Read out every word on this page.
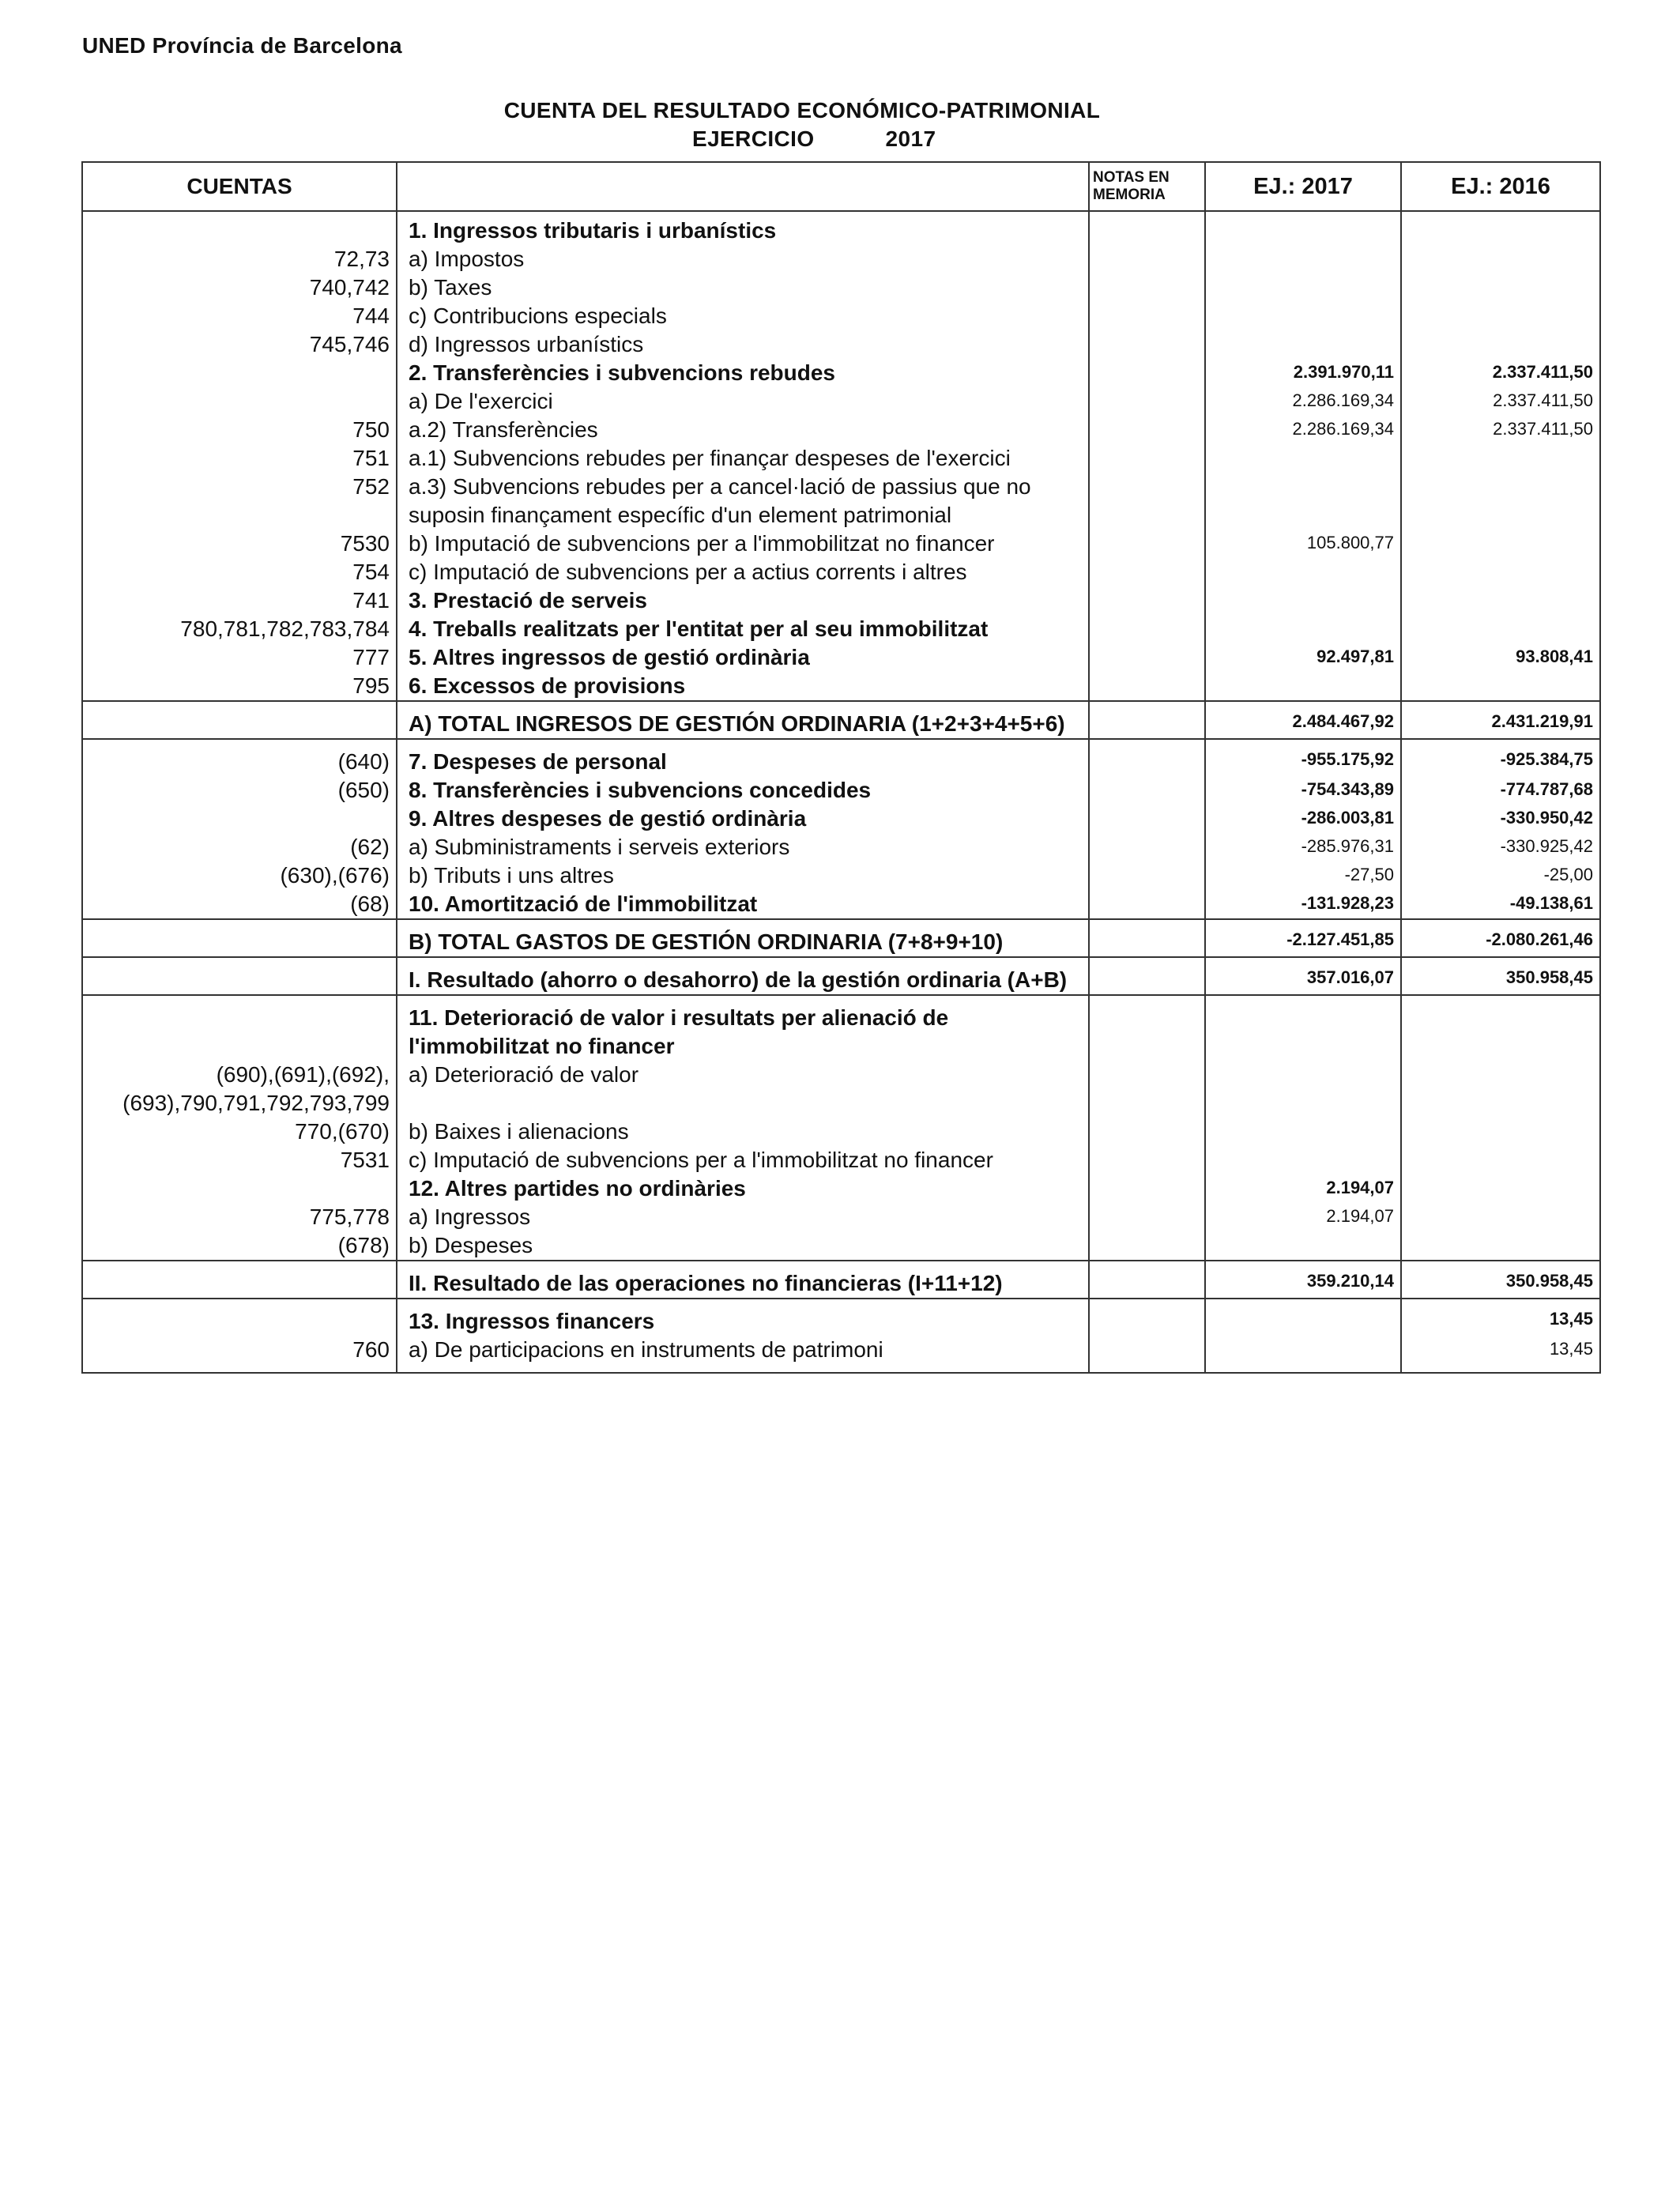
UNED Província de Barcelona
CUENTA DEL RESULTADO ECONÓMICO-PATRIMONIAL
EJERCICIO	2017
CUENTAS		NOTAS EN MEMORIA	EJ.: 2017	EJ.: 2016
	1. Ingressos tributaris i urbanístics			
72,73	a) Impostos			
740,742	b) Taxes			
744	c) Contribucions especials			
745,746	d) Ingressos urbanístics			
	2. Transferències i subvencions rebudes		2.391.970,11	2.337.411,50
	a) De l'exercici		2.286.169,34	2.337.411,50
750	a.2) Transferències		2.286.169,34	2.337.411,50
751	a.1) Subvencions rebudes per finançar despeses de l'exercici			
752	a.3) Subvencions rebudes per a cancel·lació de passius que no suposin finançament específic d'un element patrimonial			
7530	b) Imputació de subvencions per a l'immobilitzat no financer		105.800,77	
754	c) Imputació de subvencions per a actius corrents i altres			
741	3. Prestació de serveis			
780,781,782,783,784	4. Treballs realitzats per l'entitat per al seu immobilitzat			
777	5. Altres ingressos de gestió ordinària		92.497,81	93.808,41
795	6. Excessos de provisions			
	A) TOTAL INGRESOS DE GESTIÓN ORDINARIA (1+2+3+4+5+6)		2.484.467,92	2.431.219,91
(640)	7. Despeses de personal		-955.175,92	-925.384,75
(650)	8. Transferències i subvencions concedides		-754.343,89	-774.787,68
	9. Altres despeses de gestió ordinària		-286.003,81	-330.950,42
(62)	a) Subministraments i serveis exteriors		-285.976,31	-330.925,42
(630),(676)	b) Tributs i uns altres		-27,50	-25,00
(68)	10. Amortització de l'immobilitzat		-131.928,23	-49.138,61
	B) TOTAL GASTOS DE GESTIÓN ORDINARIA (7+8+9+10)		-2.127.451,85	-2.080.261,46
	I. Resultado (ahorro o desahorro) de la gestión ordinaria (A+B)		357.016,07	350.958,45
	11. Deterioració de valor i resultats per alienació de l'immobilitzat no financer			
(690),(691),(692),(693),790,791,792,793,799	a) Deterioració de valor			
770,(670)	b) Baixes i alienacions			
7531	c) Imputació de subvencions per a l'immobilitzat no financer			
	12. Altres partides no ordinàries		2.194,07	
775,778	a) Ingressos		2.194,07	
(678)	b) Despeses			
	II. Resultado de las operaciones no financieras (I+11+12)		359.210,14	350.958,45
	13. Ingressos financers			13,45
760	a) De participacions en instruments de patrimoni			13,45
